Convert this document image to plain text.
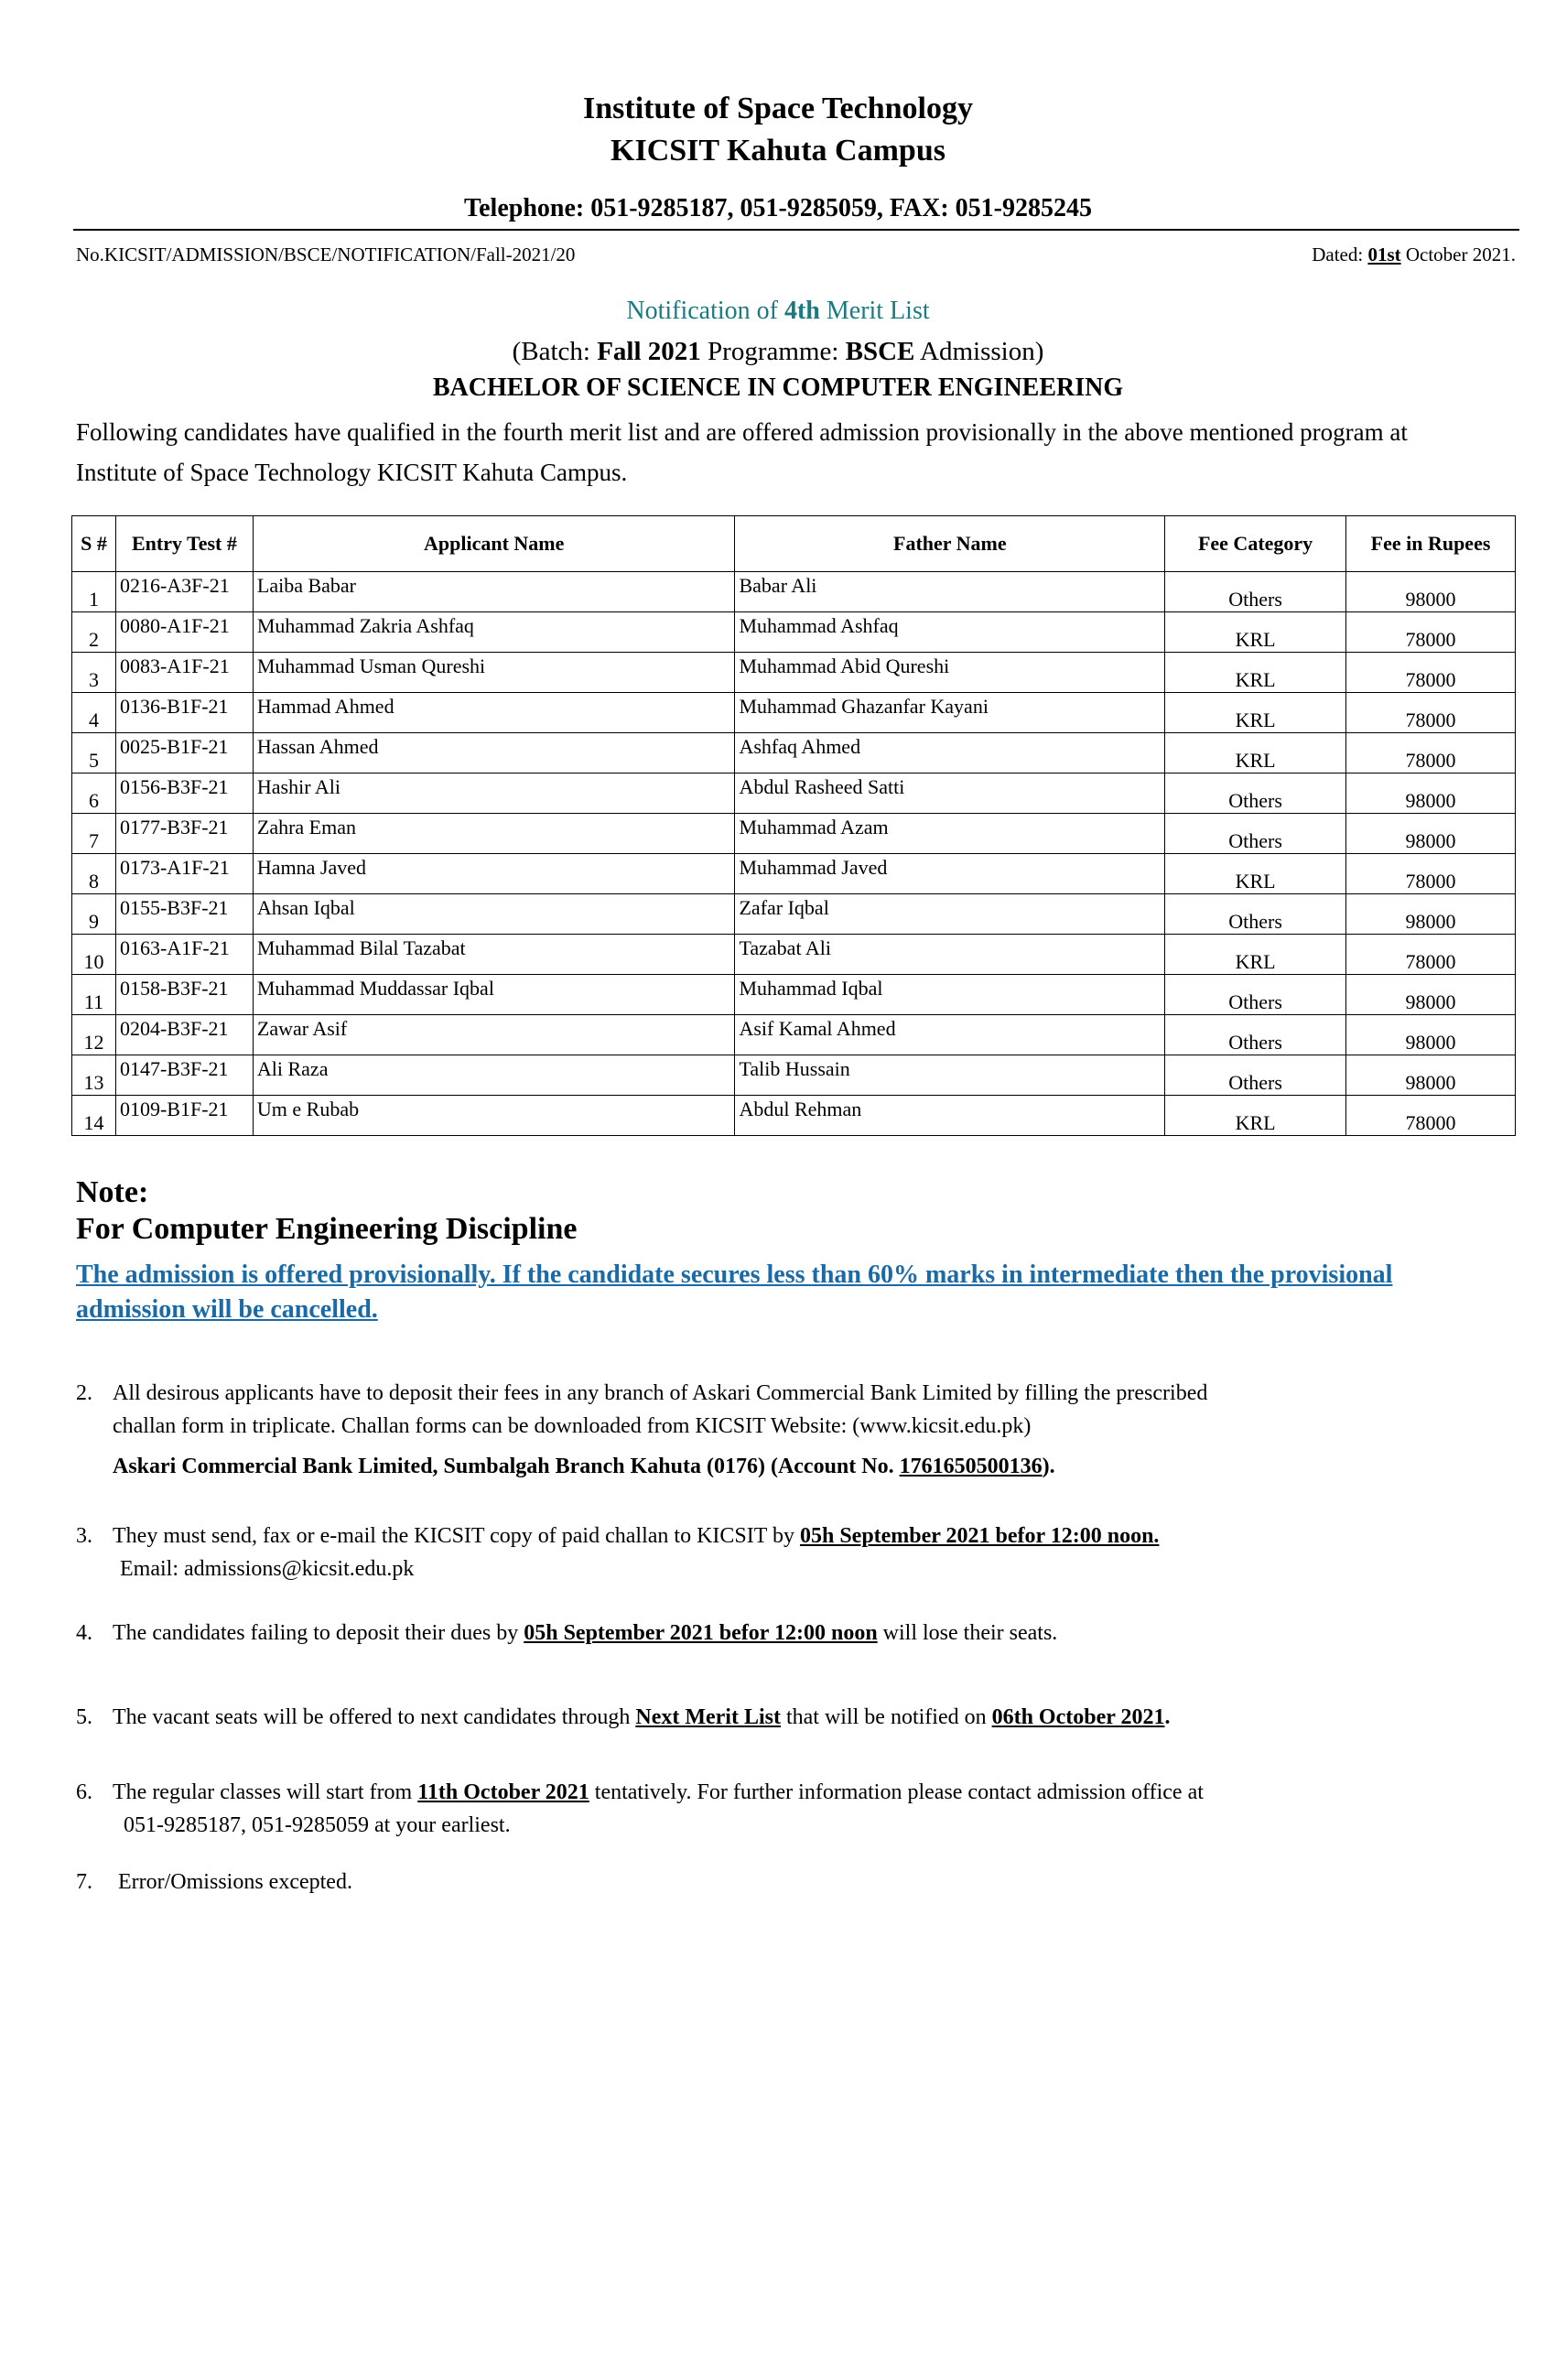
Institute of Space Technology
KICSIT Kahuta Campus
Telephone: 051-9285187, 051-9285059, FAX: 051-9285245
No.KICSIT/ADMISSION/BSCE/NOTIFICATION/Fall-2021/20	Dated: 01st October 2021.
Notification of 4th Merit List
(Batch: Fall 2021 Programme: BSCE Admission)
BACHELOR OF SCIENCE IN COMPUTER ENGINEERING
Following candidates have qualified in the fourth merit list and are offered admission provisionally in the above mentioned program at Institute of Space Technology KICSIT Kahuta Campus.
S #	Entry Test #	Applicant Name	Father Name	Fee Category	Fee in Rupees
1	0216-A3F-21	Laiba Babar	Babar Ali	Others	98000
2	0080-A1F-21	Muhammad Zakria Ashfaq	Muhammad Ashfaq	KRL	78000
3	0083-A1F-21	Muhammad Usman Qureshi	Muhammad Abid Qureshi	KRL	78000
4	0136-B1F-21	Hammad Ahmed	Muhammad Ghazanfar Kayani	KRL	78000
5	0025-B1F-21	Hassan Ahmed	Ashfaq Ahmed	KRL	78000
6	0156-B3F-21	Hashir Ali	Abdul Rasheed Satti	Others	98000
7	0177-B3F-21	Zahra Eman	Muhammad Azam	Others	98000
8	0173-A1F-21	Hamna Javed	Muhammad Javed	KRL	78000
9	0155-B3F-21	Ahsan Iqbal	Zafar Iqbal	Others	98000
10	0163-A1F-21	Muhammad Bilal Tazabat	Tazabat Ali	KRL	78000
11	0158-B3F-21	Muhammad Muddassar Iqbal	Muhammad Iqbal	Others	98000
12	0204-B3F-21	Zawar Asif	Asif Kamal Ahmed	Others	98000
13	0147-B3F-21	Ali Raza	Talib Hussain	Others	98000
14	0109-B1F-21	Um e Rubab	Abdul Rehman	KRL	78000
Note:
For Computer Engineering Discipline
The admission is offered provisionally. If the candidate secures less than 60% marks in intermediate then the provisional admission will be cancelled.
2. All desirous applicants have to deposit their fees in any branch of Askari Commercial Bank Limited by filling the prescribed
challan form in triplicate. Challan forms can be downloaded from KICSIT Website: (www.kicsit.edu.pk)
Askari Commercial Bank Limited, Sumbalgah Branch Kahuta (0176) (Account No. 1761650500136).
3. They must send, fax or e-mail the KICSIT copy of paid challan to KICSIT by 05h September 2021 befor 12:00 noon.
Email: admissions@kicsit.edu.pk
4. The candidates failing to deposit their dues by 05h September 2021 befor 12:00 noon will lose their seats.
5. The vacant seats will be offered to next candidates through Next Merit List that will be notified on 06th October 2021.
6. The regular classes will start from 11th October 2021 tentatively. For further information please contact admission office at
051-9285187, 051-9285059 at your earliest.
7. Error/Omissions excepted.
